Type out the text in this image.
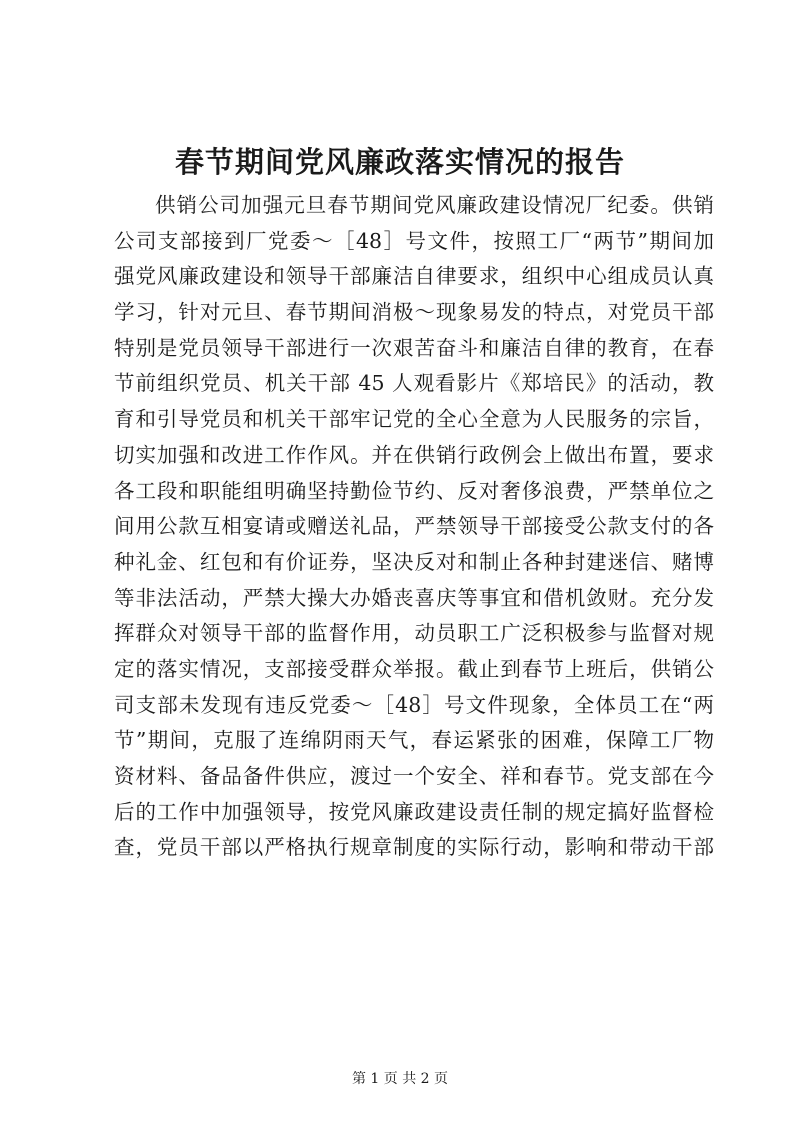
春节期间党风廉政落实情况的报告
供销公司加强元旦春节期间党风廉政建设情况厂纪委。供销
公司支部接到厂党委～［48］号文件，按照工厂“两节”期间加
强党风廉政建设和领导干部廉洁自律要求，组织中心组成员认真
学习，针对元旦、春节期间消极～现象易发的特点，对党员干部
特别是党员领导干部进行一次艰苦奋斗和廉洁自律的教育，在春
节前组织党员、机关干部 45 人观看影片《郑培民》的活动，教
育和引导党员和机关干部牢记党的全心全意为人民服务的宗旨，
切实加强和改进工作作风。并在供销行政例会上做出布置，要求
各工段和职能组明确坚持勤俭节约、反对奢侈浪费，严禁单位之
间用公款互相宴请或赠送礼品，严禁领导干部接受公款支付的各
种礼金、红包和有价证券，坚决反对和制止各种封建迷信、赌博
等非法活动，严禁大操大办婚丧喜庆等事宜和借机敛财。充分发
挥群众对领导干部的监督作用，动员职工广泛积极参与监督对规
定的落实情况，支部接受群众举报。截止到春节上班后，供销公
司支部未发现有违反党委～［48］号文件现象，全体员工在“两
节”期间，克服了连绵阴雨天气，春运紧张的困难，保障工厂物
资材料、备品备件供应，渡过一个安全、祥和春节。党支部在今
后的工作中加强领导，按党风廉政建设责任制的规定搞好监督检
查，党员干部以严格执行规章制度的实际行动，影响和带动干部
第 1 页 共 2 页
